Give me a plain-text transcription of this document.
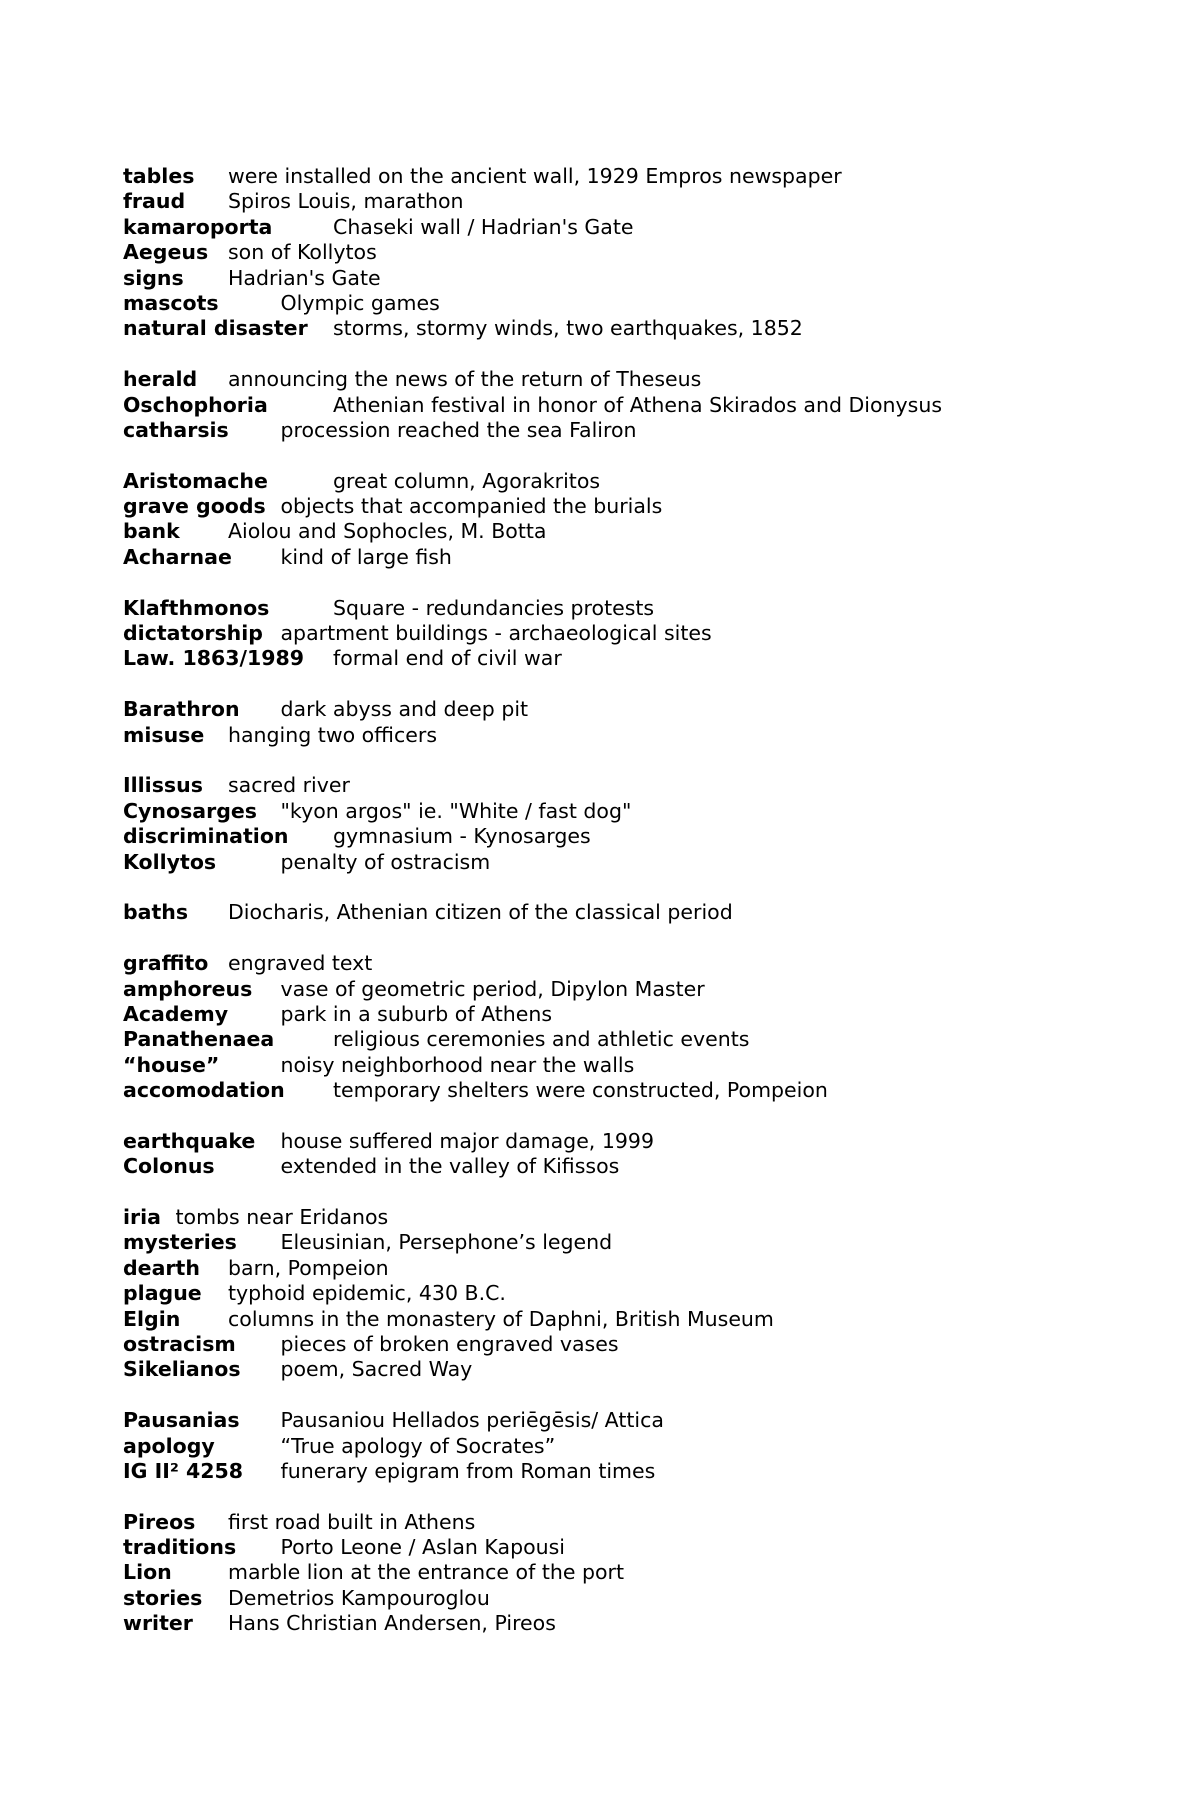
tables were installed on the ancient wall, 1929 Empros newspaper
fraud Spiros Louis, marathon
kamaroporta	Chaseki wall / Hadrian's Gate
Aegeus son of Kollytos
signs Hadrian's Gate
mascots	Olympic games
natural disaster storms, stormy winds, two earthquakes, 1852
herald announcing the news of the return of Theseus
Oschophoria	Athenian festival in honor of Athena Skirados and Dionysus
catharsis	procession reached the sea Faliron
Aristomache	great column, Agorakritos
grave goods objects that accompanied the burials
bank Aiolou and Sophocles, M. Botta
Acharnae kind of large fish
Klafthmonos	Square - redundancies protests
dictatorship apartment buildings - archaeological sites
Law. 1863/1989 formal end of civil war
Barathron dark abyss and deep pit
misuse hanging two officers
Illissus sacred river
Cynosarges "kyon argos" ie. "White / fast dog"
discrimination gymnasium - Kynosarges
Kollytos	penalty of ostracism
baths Diocharis, Athenian citizen of the classical period
graffito engraved text
amphoreus vase of geometric period, Dipylon Master
Academy	park in a suburb of Athens
Panathenaea	religious ceremonies and athletic events
“house”	noisy neighborhood near the walls
accomodation temporary shelters were constructed, Pompeion
earthquake house suffered major damage, 1999
Colonus	extended in the valley of Kifissos
iria tombs near Eridanos
mysteries Eleusinian, Persephone’s legend
dearth barn, Pompeion
plague typhoid epidemic, 430 B.C.
Elgin columns in the monastery of Daphni, British Museum
ostracism pieces of broken engraved vases
Sikelianos poem, Sacred Way
Pausanias Pausaniou Hellados periēgēsis/ Attica
apology	“True apology of Socrates”
IG II² 4258 funerary epigram from Roman times
Pireos first road built in Athens
traditions Porto Leone / Aslan Kapousi
Lion	marble lion at the entrance of the port
stories Demetrios Kampouroglou
writer Hans Christian Andersen, Pireos
